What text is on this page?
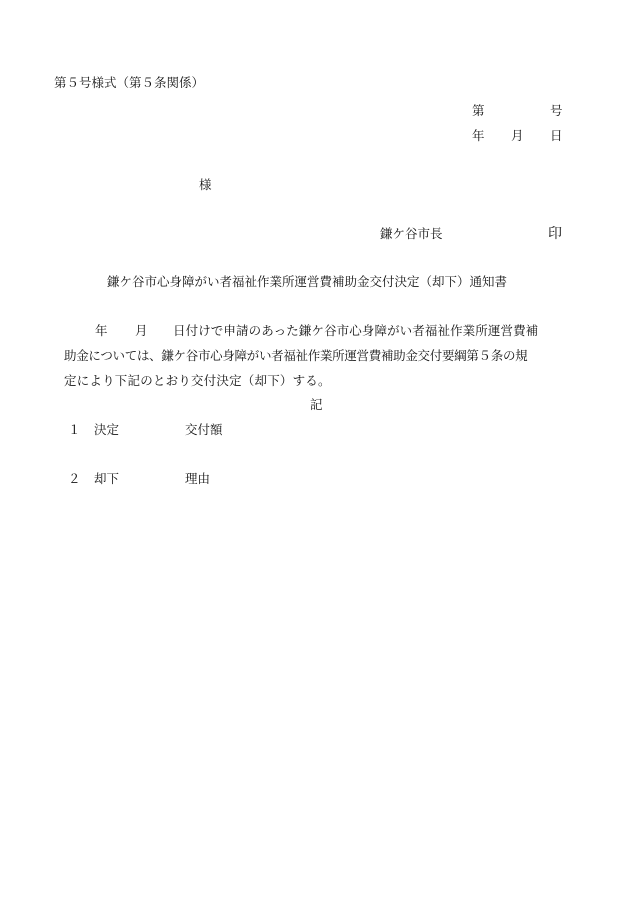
第５号様式（第５条関係）
第	号
年 月 日
様
鎌ケ谷市長	印
鎌ケ谷市心身障がい者福祉作業所運営費補助金交付決定（却下）通知書
年 月 日付けで申請のあった鎌ケ谷市心身障がい者福祉作業所運営費補
助金については、鎌ケ谷市心身障がい者福祉作業所運営費補助金交付要綱第５条の規
定により下記のとおり交付決定（却下）する。
記
１ 決定	交付額
２ 却下	理由
